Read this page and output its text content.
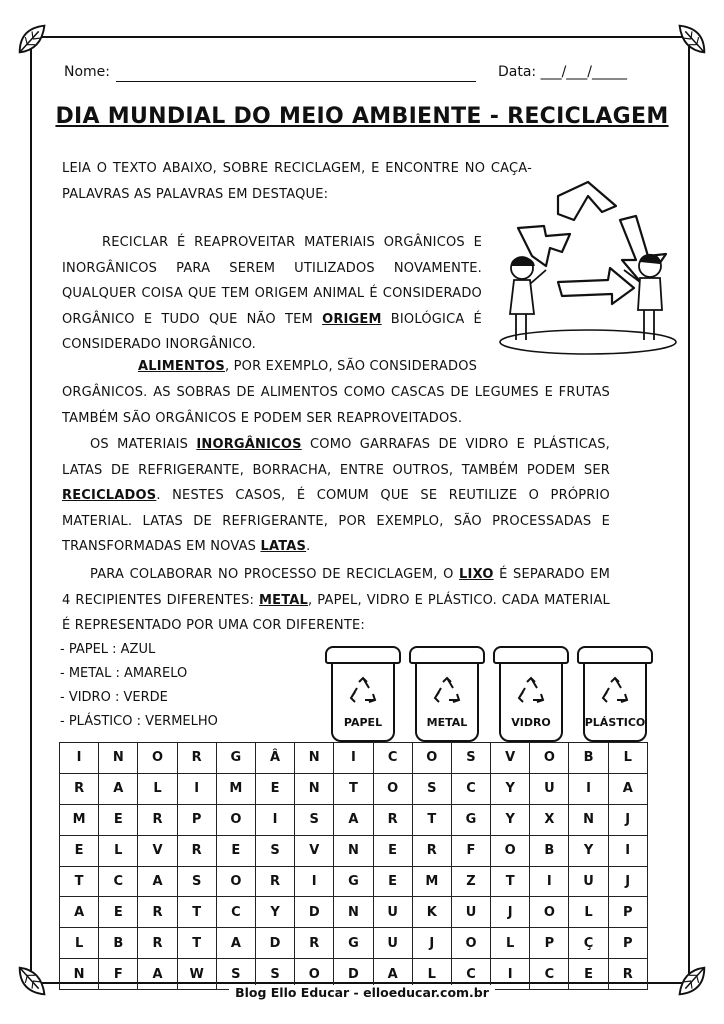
Nome:	Data: ___/___/_____
DIA MUNDIAL DO MEIO AMBIENTE - RECICLAGEM
LEIA O TEXTO ABAIXO, SOBRE RECICLAGEM, E ENCONTRE NO CAÇA-PALAVRAS AS PALAVRAS EM DESTAQUE:
RECICLAR É REAPROVEITAR MATERIAIS ORGÂNICOS E INORGÂNICOS PARA SEREM UTILIZADOS NOVAMENTE. QUALQUER COISA QUE TEM ORIGEM ANIMAL É CONSIDERADO ORGÂNICO E TUDO QUE NÃO TEM ORIGEM BIOLÓGICA É CONSIDERADO INORGÂNICO.
ALIMENTOS, POR EXEMPLO, SÃO CONSIDERADOS
ORGÂNICOS. AS SOBRAS DE ALIMENTOS COMO CASCAS DE LEGUMES E FRUTAS TAMBÉM SÃO ORGÂNICOS E PODEM SER REAPROVEITADOS.
OS MATERIAIS INORGÂNICOS COMO GARRAFAS DE VIDRO E PLÁSTICAS, LATAS DE REFRIGERANTE, BORRACHA, ENTRE OUTROS, TAMBÉM PODEM SER RECICLADOS. NESTES CASOS, É COMUM QUE SE REUTILIZE O PRÓPRIO MATERIAL. LATAS DE REFRIGERANTE, POR EXEMPLO, SÃO PROCESSADAS E TRANSFORMADAS EM NOVAS LATAS.
PARA COLABORAR NO PROCESSO DE RECICLAGEM, O LIXO É SEPARADO EM 4 RECIPIENTES DIFERENTES: METAL, PAPEL, VIDRO E PLÁSTICO. CADA MATERIAL É REPRESENTADO POR UMA COR DIFERENTE:
- PAPEL : AZUL
- METAL : AMARELO
- VIDRO : VERDE
- PLÁSTICO : VERMELHO	PAPEL	METAL	VIDRO	PLÁSTICO
I	N	O	R	G	Â	N	I	C	O	S	V	O	B	L
R	A	L	I	M	E	N	T	O	S	C	Y	U	I	A
M	E	R	P	O	I	S	A	R	T	G	Y	X	N	J
E	L	V	R	E	S	V	N	E	R	F	O	B	Y	I
T	C	A	S	O	R	I	G	E	M	Z	T	I	U	J
A	E	R	T	C	Y	D	N	U	K	U	J	O	L	P
L	B	R	T	A	D	R	G	U	J	O	L	P	Ç	P
N	F	A	W	S	S	O	D	A	L	C	I	C	E	R
Blog Ello Educar - elloeducar.com.br
